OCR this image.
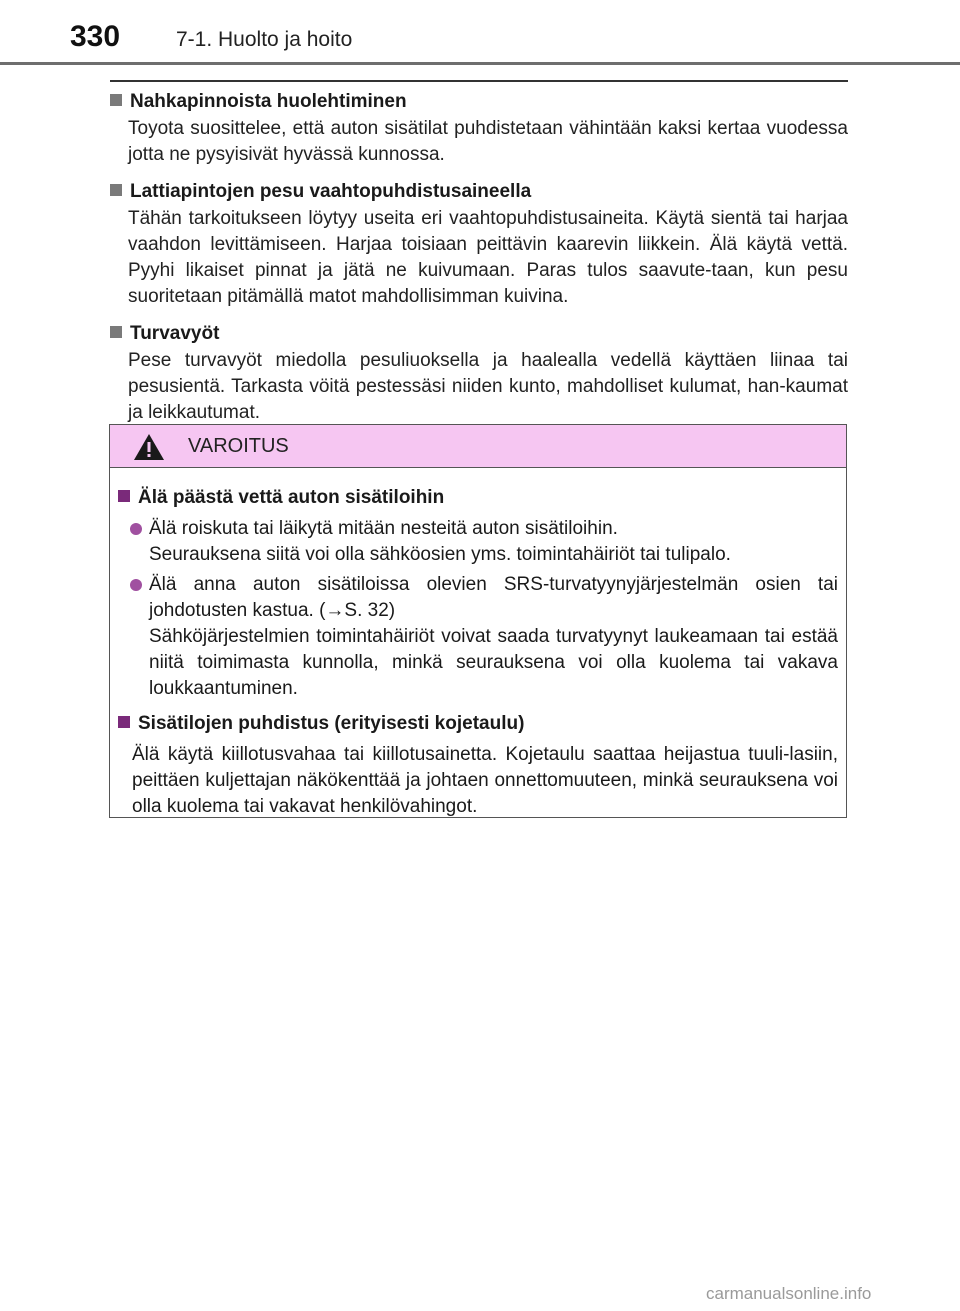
330	7-1. Huolto ja hoito
Nahkapinnoista huolehtiminen
Toyota suosittelee, että auton sisätilat puhdistetaan vähintään kaksi kertaa vuodessa jotta ne pysyisivät hyvässä kunnossa.
Lattiapintojen pesu vaahtopuhdistusaineella
Tähän tarkoitukseen löytyy useita eri vaahtopuhdistusaineita. Käytä sientä tai harjaa vaahdon levittämiseen. Harjaa toisiaan peittävin kaarevin liikkein. Älä käytä vettä. Pyyhi likaiset pinnat ja jätä ne kuivumaan. Paras tulos saavute-taan, kun pesu suoritetaan pitämällä matot mahdollisimman kuivina.
Turvavyöt
Pese turvavyöt miedolla pesuliuoksella ja haalealla vedellä käyttäen liinaa tai pesusientä. Tarkasta vöitä pestessäsi niiden kunto, mahdolliset kulumat, han-kaumat ja leikkautumat.
VAROITUS
Älä päästä vettä auton sisätiloihin
Älä roiskuta tai läikytä mitään nesteitä auton sisätiloihin.
Seurauksena siitä voi olla sähköosien yms. toimintahäiriöt tai tulipalo.
Älä anna auton sisätiloissa olevien SRS-turvatyynyjärjestelmän osien tai johdotusten kastua. (→S. 32)
Sähköjärjestelmien toimintahäiriöt voivat saada turvatyynyt laukeamaan tai estää niitä toimimasta kunnolla, minkä seurauksena voi olla kuolema tai vakava loukkaantuminen.
Sisätilojen puhdistus (erityisesti kojetaulu)
Älä käytä kiillotusvahaa tai kiillotusainetta. Kojetaulu saattaa heijastua tuuli-lasiin, peittäen kuljettajan näkökenttää ja johtaen onnettomuuteen, minkä seurauksena voi olla kuolema tai vakavat henkilövahingot.
carmanualsonline.info
